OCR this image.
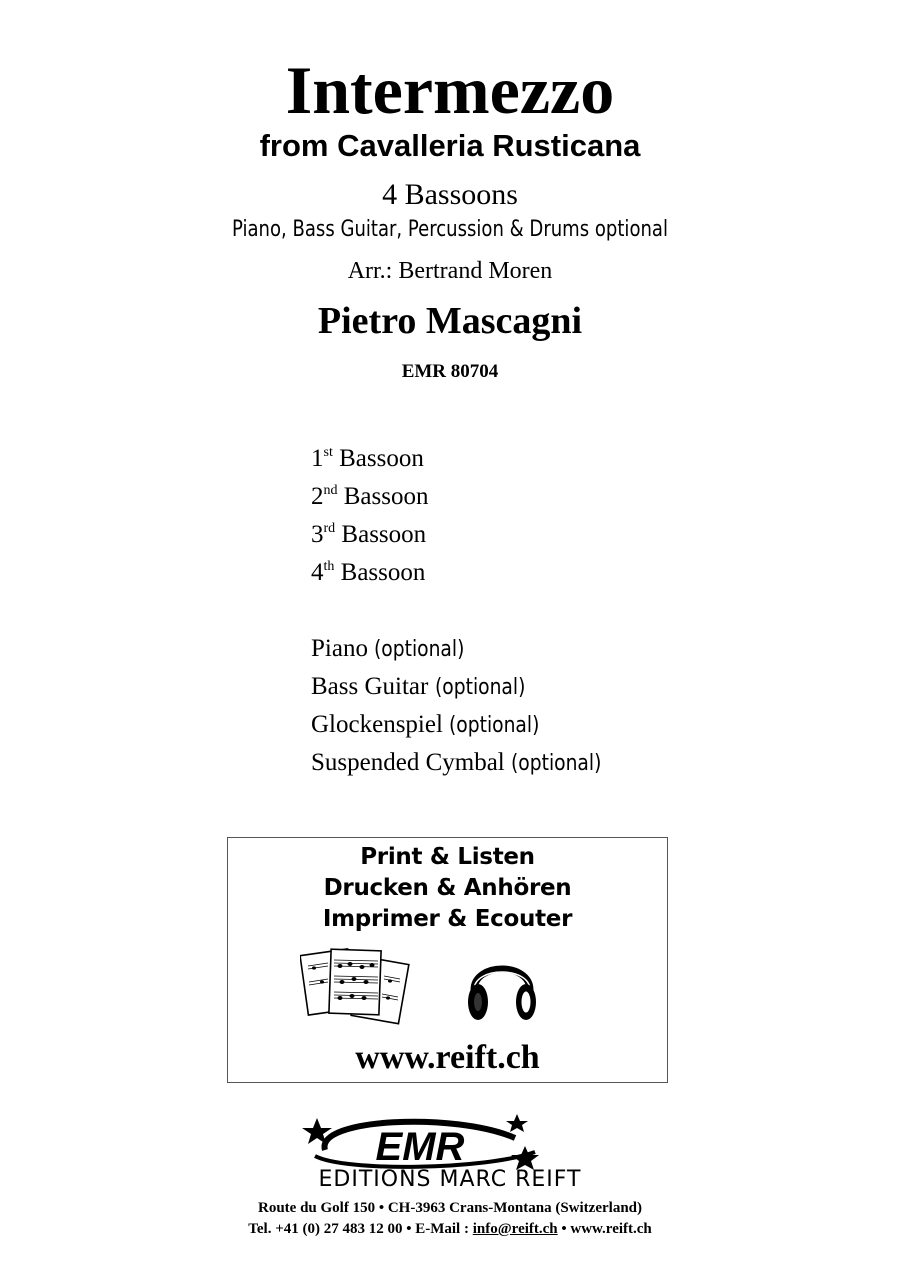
Intermezzo
from Cavalleria Rusticana
4 Bassoons
Piano, Bass Guitar, Percussion & Drums optional
Arr.: Bertrand Moren
Pietro Mascagni
EMR 80704
1st Bassoon
2nd Bassoon
3rd Bassoon
4th Bassoon
Piano (optional)
Bass Guitar (optional)
Glockenspiel (optional)
Suspended Cymbal (optional)
Print & Listen
Drucken & Anhören
Imprimer & Ecouter
www.reift.ch
EMR
EDITIONS MARC REIFT
Route du Golf 150 • CH-3963 Crans-Montana (Switzerland)
Tel. +41 (0) 27 483 12 00 • E-Mail : info@reift.ch • www.reift.ch
